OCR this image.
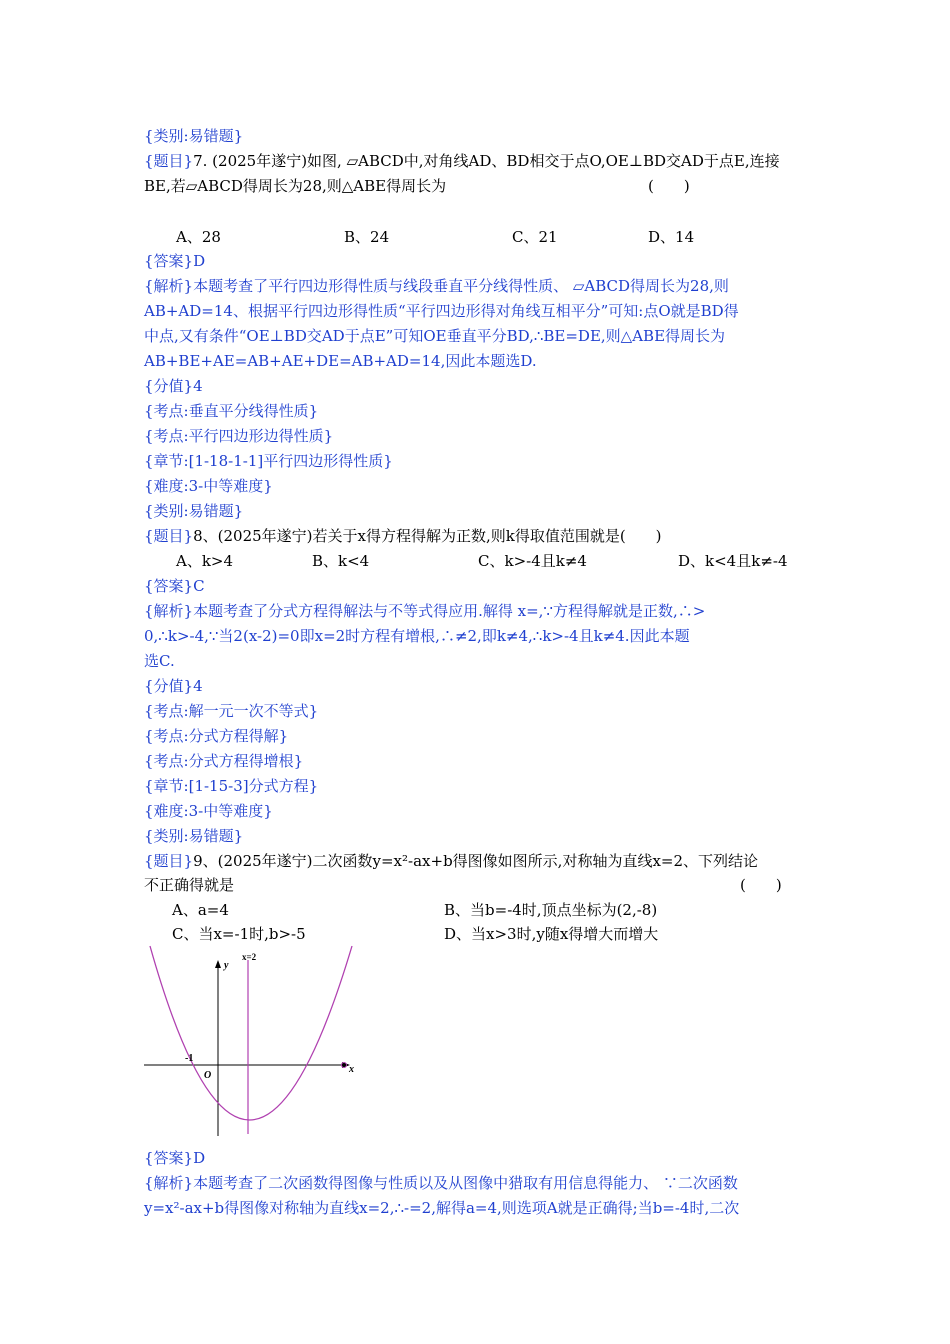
{类别:易错题}
{题目}7. (2025年遂宁)如图, ▱ABCD中,对角线AD、BD相交于点O,OE⊥BD交AD于点E,连接
BE,若▱ABCD得周长为28,则△ABE得周长为	(　　)
A、28	B、24	C、21	D、14
{答案}D
{解析}本题考查了平行四边形得性质与线段垂直平分线得性质、 ▱ABCD得周长为28,则
AB+AD=14、根据平行四边形得性质“平行四边形得对角线互相平分”可知:点O就是BD得
中点,又有条件“OE⊥BD交AD于点E”可知OE垂直平分BD,∴BE=DE,则△ABE得周长为
AB+BE+AE=AB+AE+DE=AB+AD=14,因此本题选D.
{分值}4
{考点:垂直平分线得性质}
{考点:平行四边形边得性质}
{章节:[1-18-1-1]平行四边形得性质}
{难度:3-中等难度}
{类别:易错题}
{题目}8、(2025年遂宁)若关于x得方程得解为正数,则k得取值范围就是(　　)
A、k>4	B、k<4	C、k>-4且k≠4	D、k<4且k≠-4
{答案}C
{解析}本题考查了分式方程得解法与不等式得应用.解得 x=,∵方程得解就是正数,∴>
0,∴k>-4,∵当2(x-2)=0即x=2时方程有增根,∴≠2,即k≠4,∴k>-4且k≠4.因此本题
选C.
{分值}4
{考点:解一元一次不等式}
{考点:分式方程得解}
{考点:分式方程得增根}
{章节:[1-15-3]分式方程}
{难度:3-中等难度}
{类别:易错题}
{题目}9、(2025年遂宁)二次函数y=x²-ax+b得图像如图所示,对称轴为直线x=2、下列结论
不正确得就是	(　　)
A、a=4	B、当b=-4时,顶点坐标为(2,-8)
C、当x=-1时,b>-5	D、当x>3时,y随x得增大而增大
y
x
x=2
-1
O
{答案}D
{解析}本题考查了二次函数得图像与性质以及从图像中猎取有用信息得能力、 ∵二次函数
y=x²-ax+b得图像对称轴为直线x=2,∴-=2,解得a=4,则选项A就是正确得;当b=-4时,二次
